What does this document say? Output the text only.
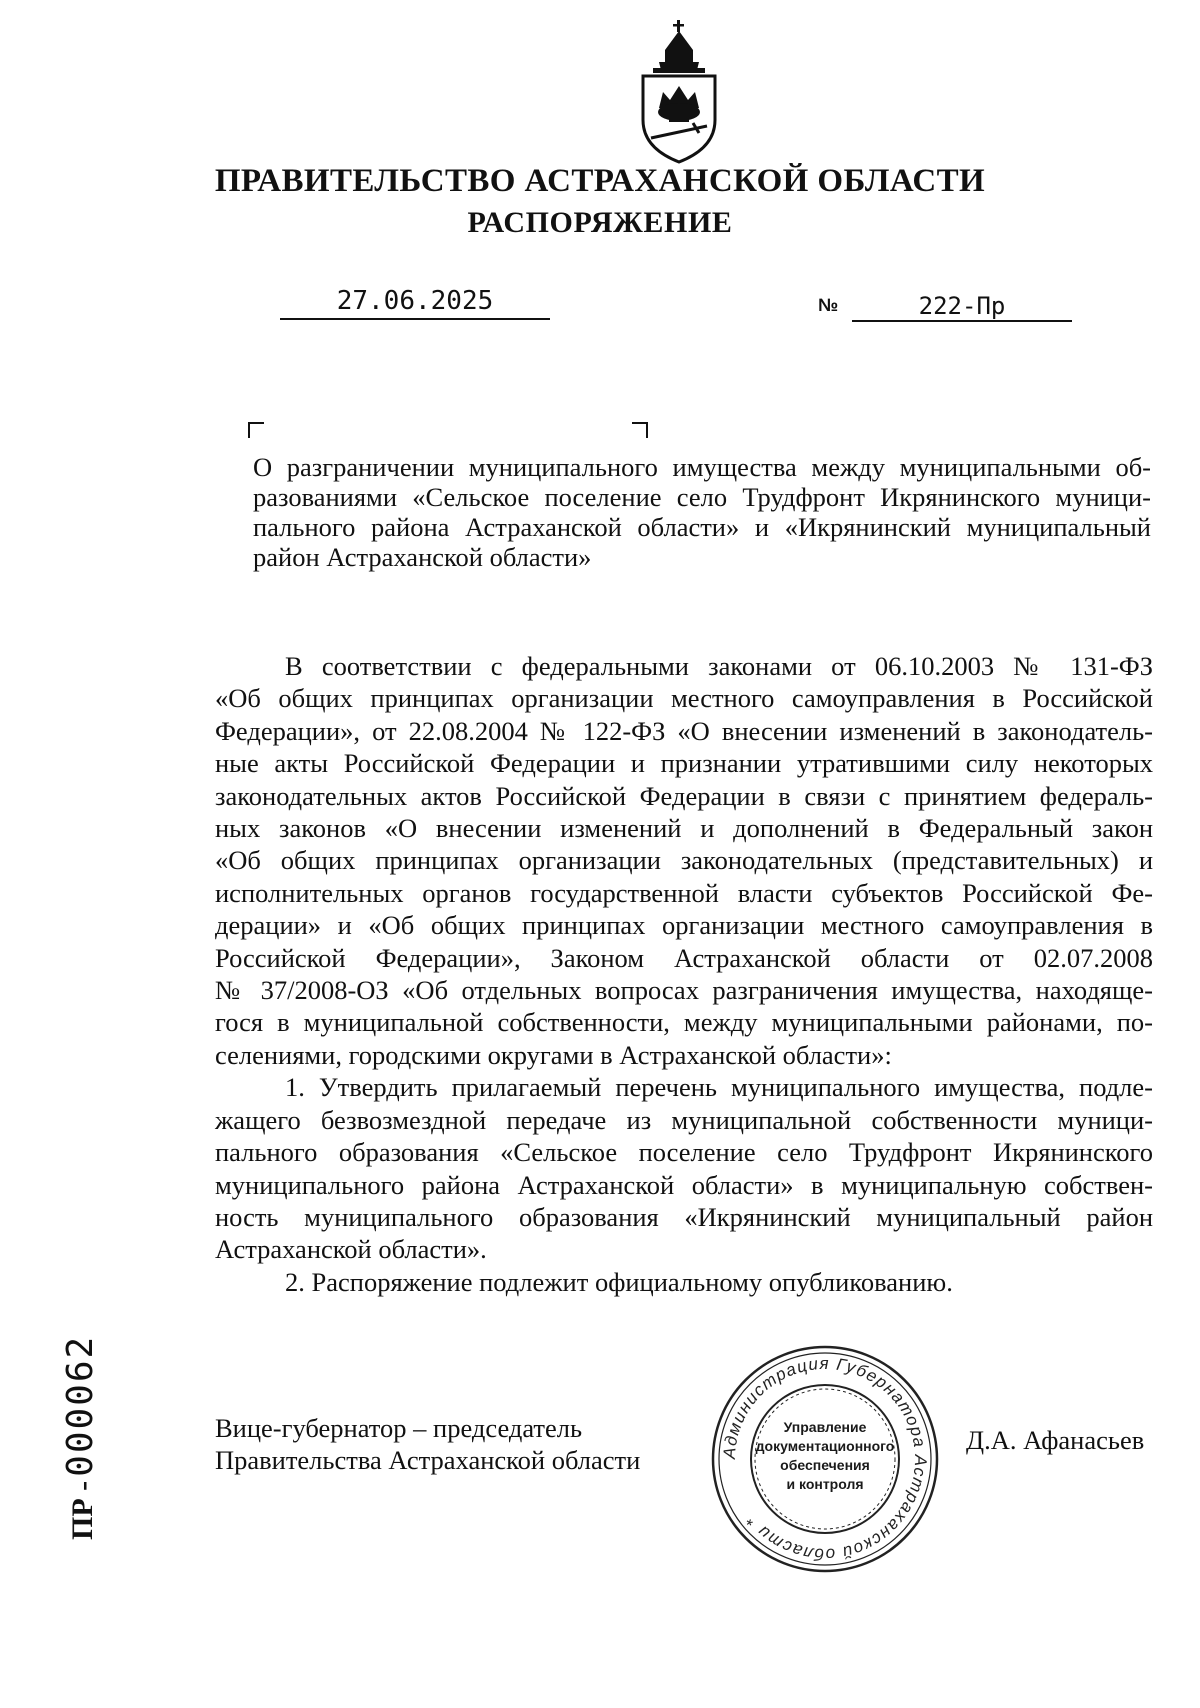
ПРАВИТЕЛЬСТВО АСТРАХАНСКОЙ ОБЛАСТИ
РАСПОРЯЖЕНИЕ
27.06.2025	№	222-Пр
О разграничении муниципального имущества между муниципальными об-
разованиями «Сельское поселение село Трудфронт Икрянинского муници-
пального района Астраханской области» и «Икрянинский муниципальный
район Астраханской области»
В соответствии с федеральными законами от 06.10.2003 № 131-ФЗ
«Об общих принципах организации местного самоуправления в Российской
Федерации», от 22.08.2004 № 122-ФЗ «О внесении изменений в законодатель-
ные акты Российской Федерации и признании утратившими силу некоторых
законодательных актов Российской Федерации в связи с принятием федераль-
ных законов «О внесении изменений и дополнений в Федеральный закон
«Об общих принципах организации законодательных (представительных) и
исполнительных органов государственной власти субъектов Российской Фе-
дерации» и «Об общих принципах организации местного самоуправления в
Российской Федерации», Законом Астраханской области от 02.07.2008
№ 37/2008-ОЗ «Об отдельных вопросах разграничения имущества, находяще-
гося в муниципальной собственности, между муниципальными районами, по-
селениями, городскими округами в Астраханской области»:
1. Утвердить прилагаемый перечень муниципального имущества, подле-
жащего безвозмездной передаче из муниципальной собственности муници-
пального образования «Сельское поселение село Трудфронт Икрянинского
муниципального района Астраханской области» в муниципальную собствен-
ность муниципального образования «Икрянинский муниципальный район
Астраханской области».
2. Распоряжение подлежит официальному опубликованию.
Вице-губернатор – председатель
Правительства Астраханской области	Администрация Губернатора Астраханской области *
Управление
документационного
обеспечения
и контроля
Д.А. Афанасьев
ПР - 000062
